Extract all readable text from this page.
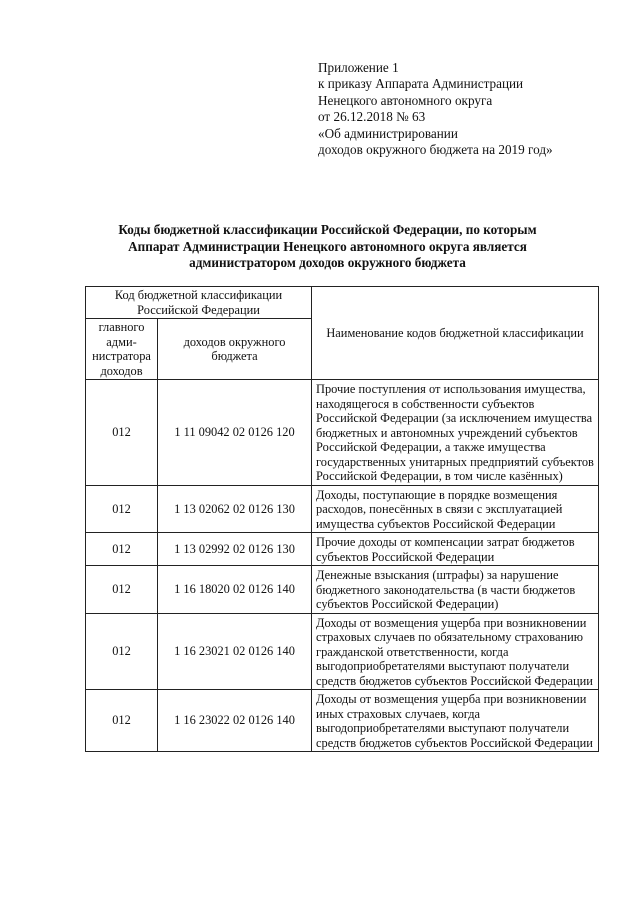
Приложение 1
к приказу Аппарата Администрации
Ненецкого автономного округа
от 26.12.2018 № 63
«Об администрировании
доходов окружного бюджета на 2019 год»
Коды бюджетной классификации Российской Федерации, по которым
Аппарат Администрации Ненецкого автономного округа является
администратором доходов окружного бюджета
Код бюджетной классификации Российской Федерации		Наименование кодов бюджетной классификации
главного адми-нистратора доходов	доходов окружного бюджета	
012	1 11 09042 02 0126 120	Прочие поступления от использования имущества, находящегося в собственности субъектов Российской Федерации (за исключением имущества бюджетных и автономных учреждений субъектов Российской Федерации, а также имущества государственных унитарных предприятий субъектов Российской Федерации, в том числе казённых)
012	1 13 02062 02 0126 130	Доходы, поступающие в порядке возмещения расходов, понесённых в связи с эксплуатацией имущества субъектов Российской Федерации
012	1 13 02992 02 0126 130	Прочие доходы от компенсации затрат бюджетов субъектов Российской Федерации
012	1 16 18020 02 0126 140	Денежные взыскания (штрафы) за нарушение бюджетного законодательства (в части бюджетов субъектов Российской Федерации)
012	1 16 23021 02 0126 140	Доходы от возмещения ущерба при возникновении страховых случаев по обязательному страхованию гражданской ответственности, когда выгодоприобретателями выступают получатели средств бюджетов субъектов Российской Федерации
012	1 16 23022 02 0126 140	Доходы от возмещения ущерба при возникновении иных страховых случаев, когда выгодоприобретателями выступают получатели средств бюджетов субъектов Российской Федерации
